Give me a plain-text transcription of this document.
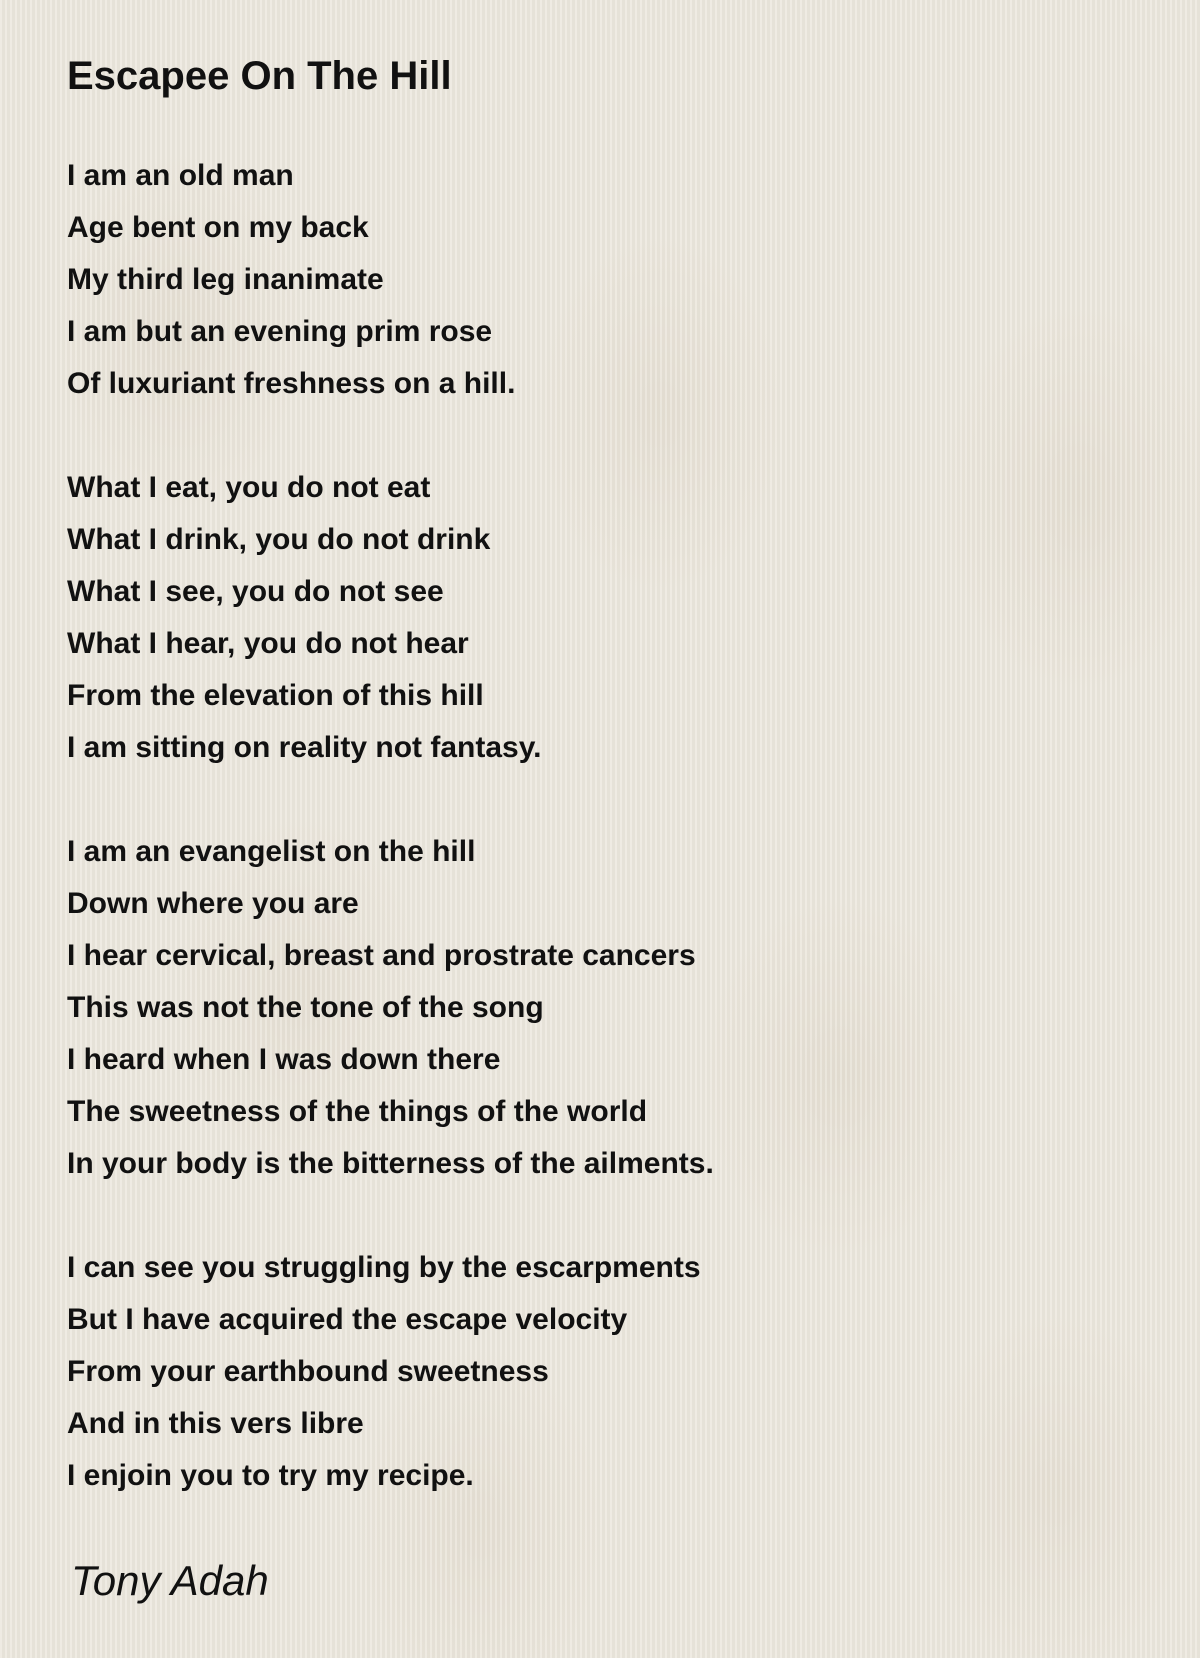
Escapee On The Hill
I am an old man
Age bent on my back
My third leg inanimate
I am but an evening prim rose
Of luxuriant freshness on a hill.
What I eat, you do not eat
What I drink, you do not drink
What I see, you do not see
What I hear, you do not hear
From the elevation of this hill
I am sitting on reality not fantasy.
I am an evangelist on the hill
Down where you are
I hear cervical, breast and prostrate cancers
This was not the tone of the song
I heard when I was down there
The sweetness of the things of the world
In your body is the bitterness of the ailments.
I can see you struggling by the escarpments
But I have acquired the escape velocity
From your earthbound sweetness
And in this vers libre
I enjoin you to try my recipe.
Tony Adah
